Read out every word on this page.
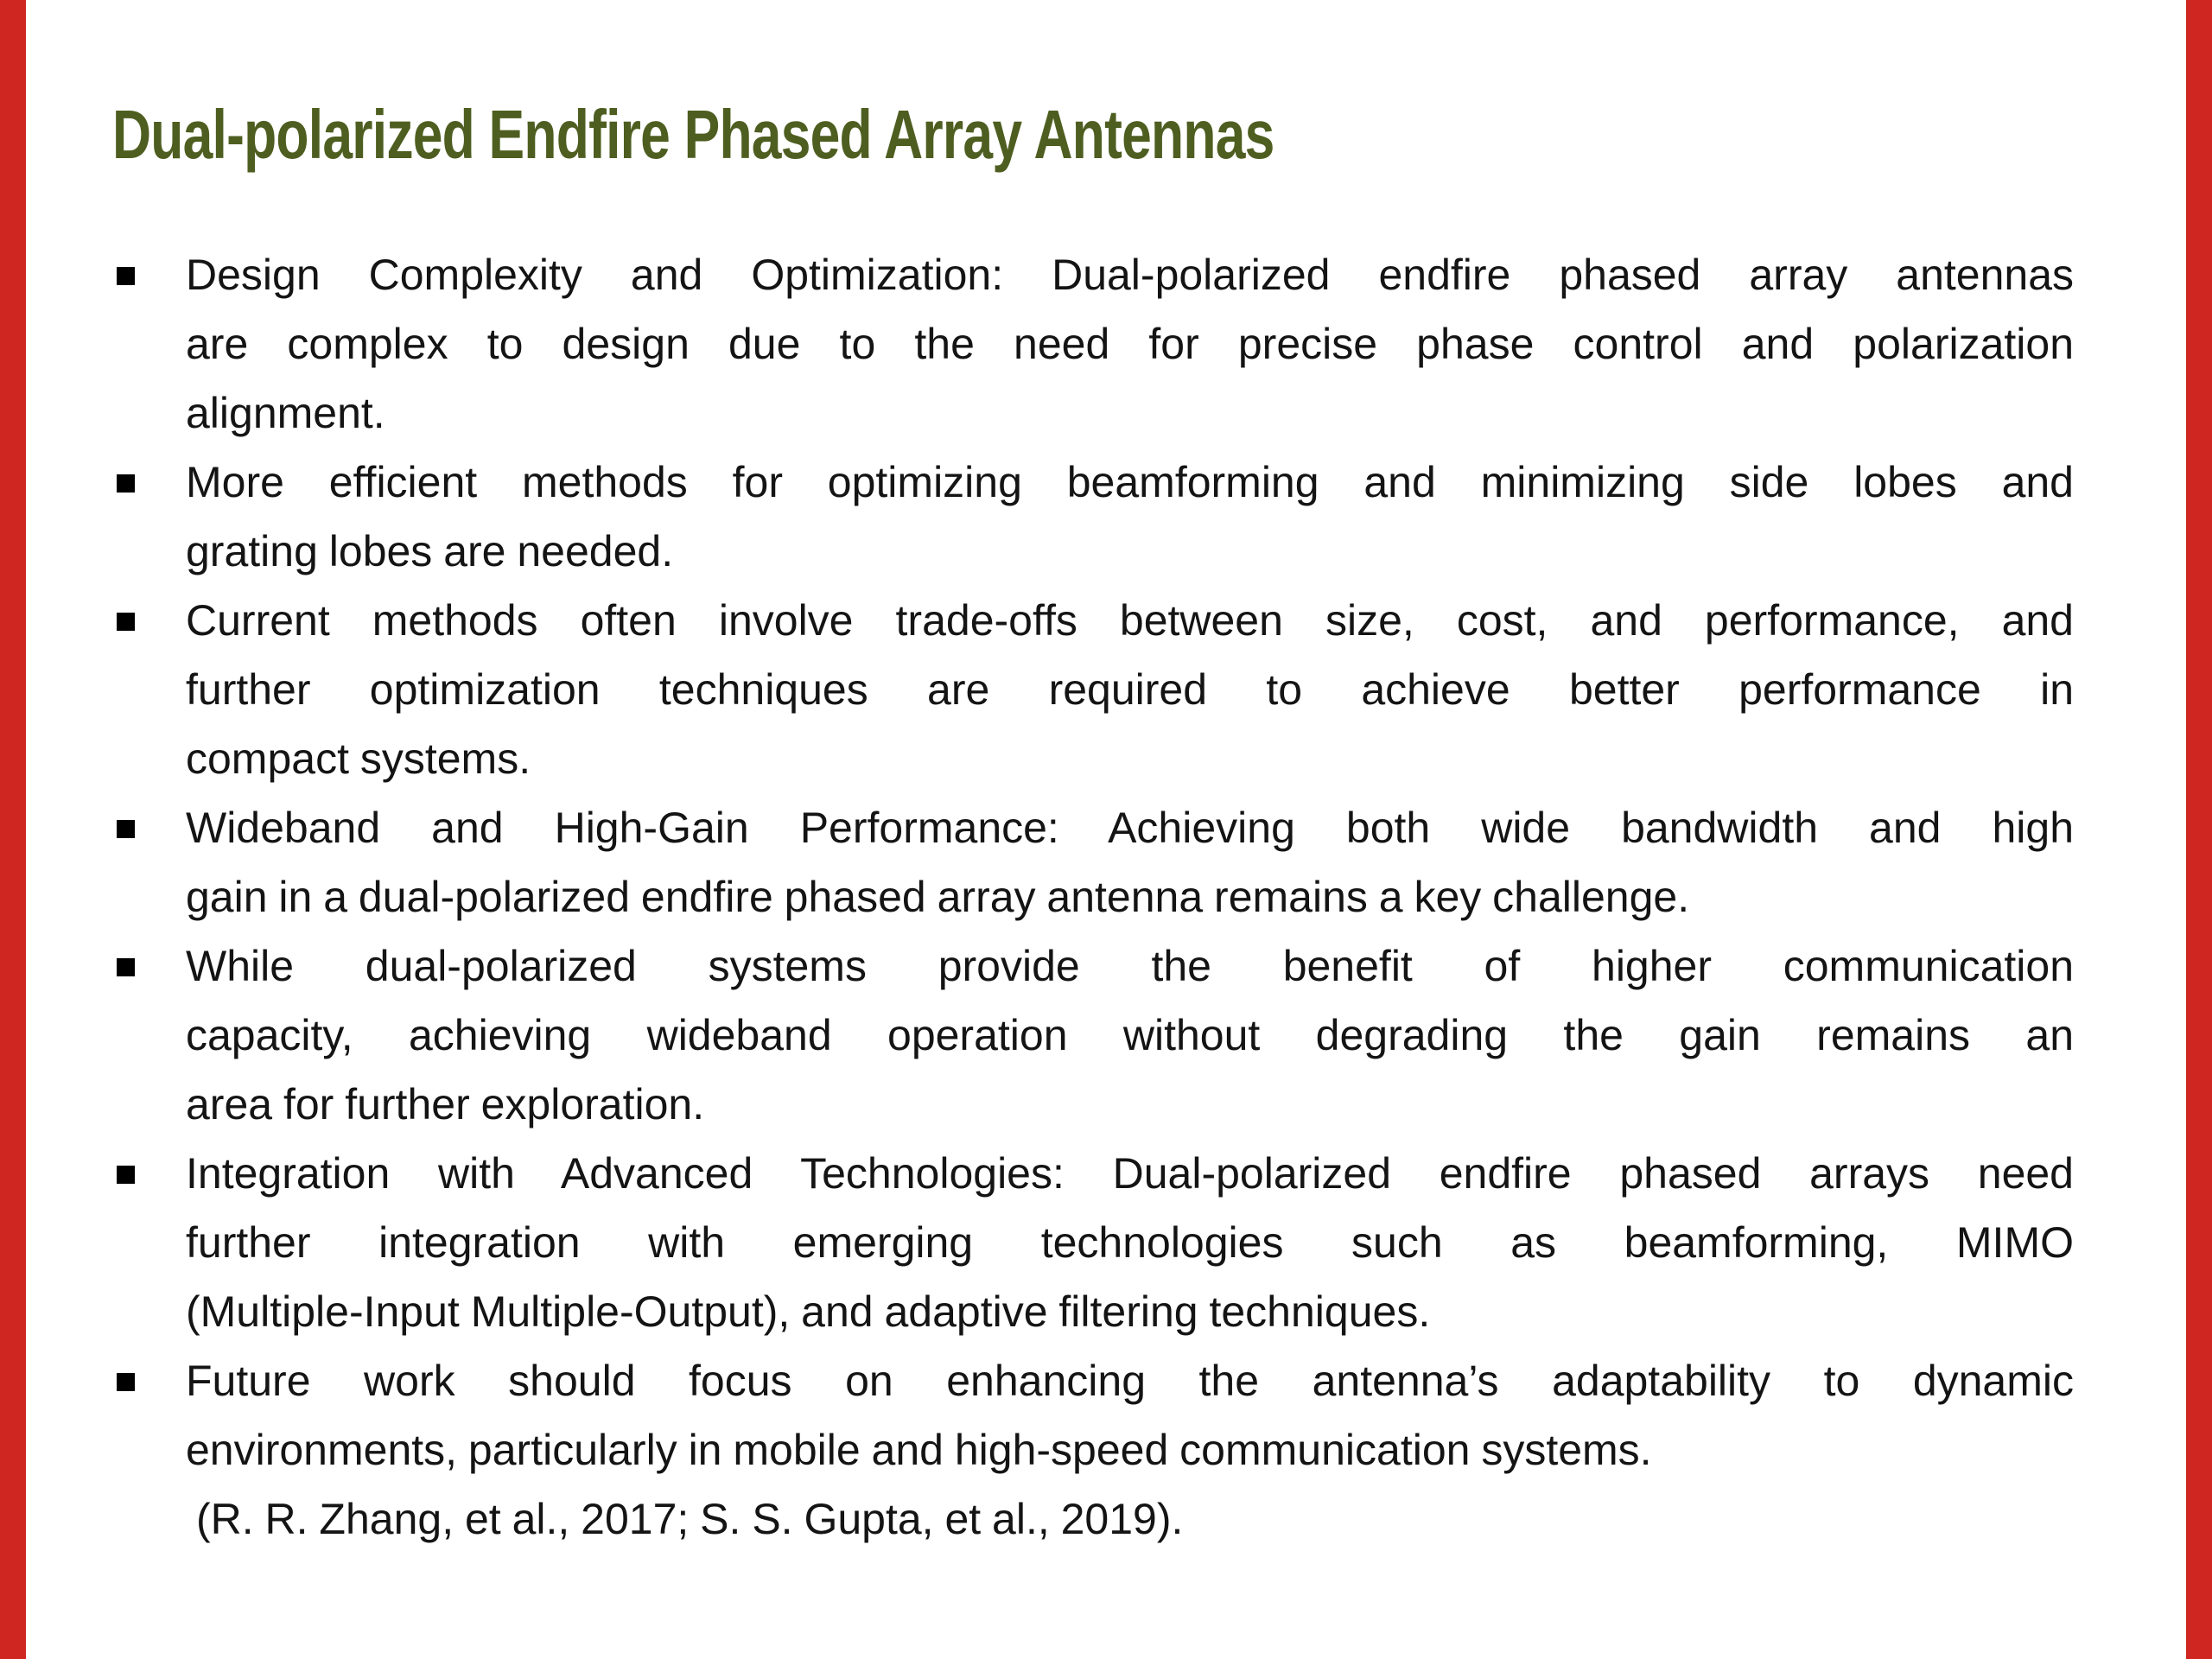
Dual-polarized Endfire Phased Array Antennas
Design Complexity and Optimization: Dual-polarized endfire phased array antennas
are complex to design due to the need for precise phase control and polarization
alignment.
More efficient methods for optimizing beamforming and minimizing side lobes and
grating lobes are needed.
Current methods often involve trade-offs between size, cost, and performance, and
further optimization techniques are required to achieve better performance in
compact systems.
Wideband and High-Gain Performance: Achieving both wide bandwidth and high
gain in a dual-polarized endfire phased array antenna remains a key challenge.
While dual-polarized systems provide the benefit of higher communication
capacity, achieving wideband operation without degrading the gain remains an
area for further exploration.
Integration with Advanced Technologies: Dual-polarized endfire phased arrays need
further integration with emerging technologies such as beamforming, MIMO
(Multiple-Input Multiple-Output), and adaptive filtering techniques.
Future work should focus on enhancing the antenna’s adaptability to dynamic
environments, particularly in mobile and high-speed communication systems.
(R. R. Zhang, et al., 2017; S. S. Gupta, et al., 2019).
